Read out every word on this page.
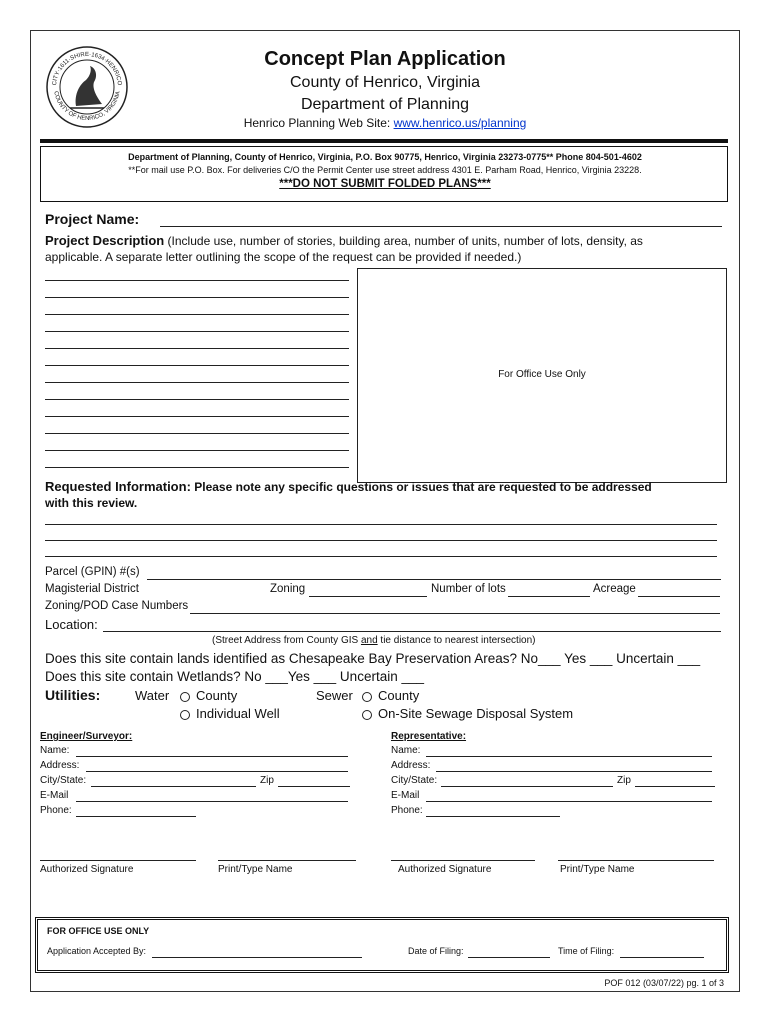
CITY·1611·SHIRE·1634·HENRICO
COUNTY OF HENRICO, VIRGINIA
Concept Plan Application
County of Henrico, Virginia
Department of Planning
Henrico Planning Web Site: www.henrico.us/planning
Department of Planning, County of Henrico, Virginia, P.O. Box 90775, Henrico, Virginia 23273-0775** Phone 804-501-4602
**For mail use P.O. Box. For deliveries C/O the Permit Center use street address 4301 E. Parham Road, Henrico, Virginia 23228.
***DO NOT SUBMIT FOLDED PLANS***
Project Name:
Project Description (Include use, number of stories, building area, number of units, number of lots, density, as
applicable. A separate letter outlining the scope of the request can be provided if needed.)
For Office Use Only
Requested Information: Please note any specific questions or issues that are requested to be addressed
with this review.
Parcel (GPIN) #(s)
Magisterial District	Zoning	Number of lots	Acreage
Zoning/POD Case Numbers
Location:
(Street Address from County GIS and tie distance to nearest intersection)
Does this site contain lands identified as Chesapeake Bay Preservation Areas? No___ Yes ___ Uncertain ___
Does this site contain Wetlands? No ___Yes ___ Uncertain ___
Utilities:	Water	County
Individual Well
Sewer	County
On-Site Sewage Disposal System
Engineer/Surveyor:
Name:
Address:
City/State:	Zip
E-Mail
Phone:
Representative:
Name:
Address:
City/State:	Zip
E-Mail
Phone:
Authorized Signature	Print/Type Name	Authorized Signature	Print/Type Name
FOR OFFICE USE ONLY
Application Accepted By:	Date of Filing:	Time of Filing:
POF 012 (03/07/22) pg. 1 of 3
